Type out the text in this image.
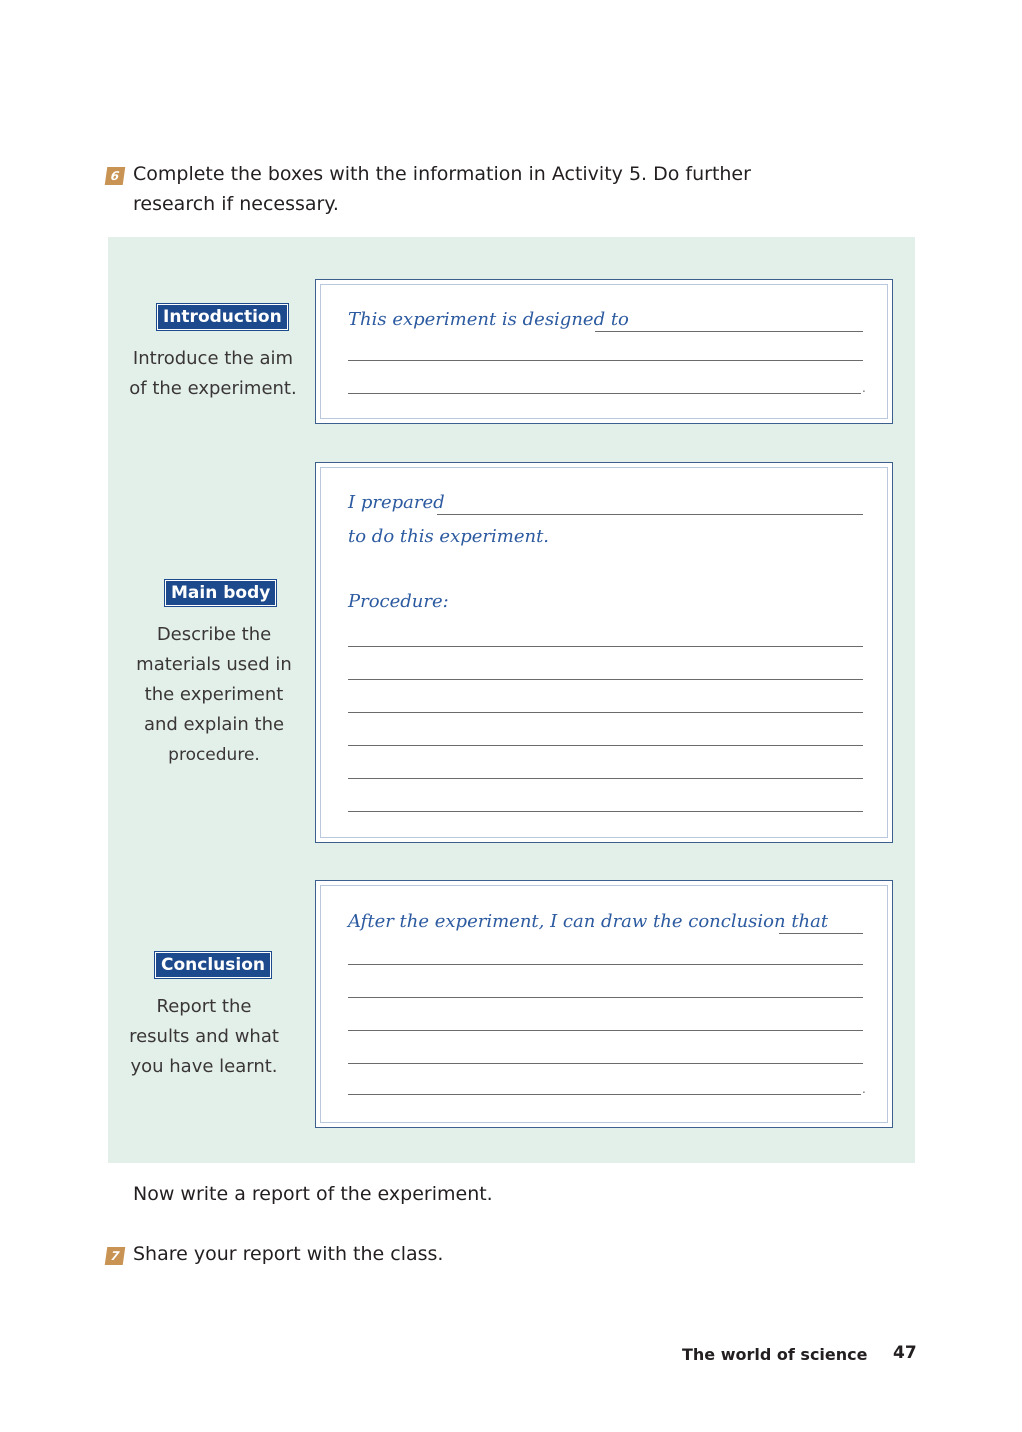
6 Complete the boxes with the information in Activity 5. Do further
research if necessary.
Introduction
Introduce the aim
of the experiment.
This experiment is designed to
.
Main body
Describe the
materials used in
the experiment
and explain the
procedure.
I prepared
to do this experiment.
Procedure:
Conclusion
Report the
results and what
you have learnt.
After the experiment, I can draw the conclusion that
.
Now write a report of the experiment.
7 Share your report with the class.
The world of science 47
